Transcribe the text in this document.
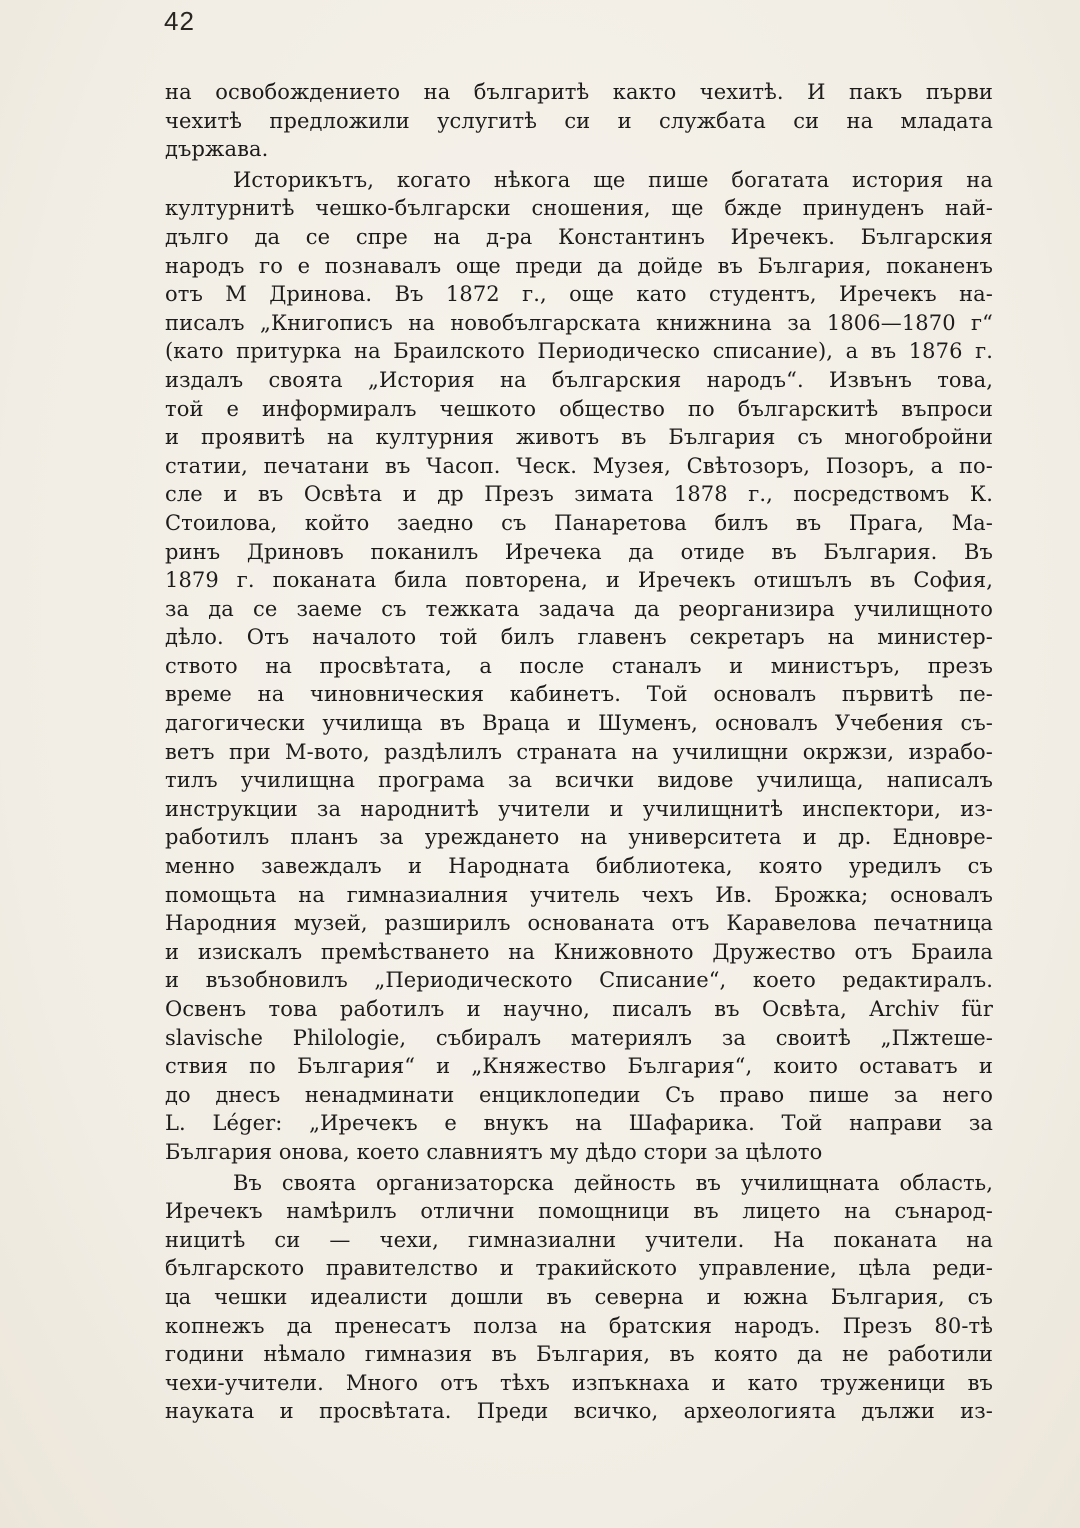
42
на освобождението на българитѣ както чехитѣ. И пакъ първи
чехитѣ предложили услугитѣ си и службата си на младата
държава.
Историкътъ, когато нѣкога ще пише богатата история на
културнитѣ чешко-български сношения, ще бжде принуденъ най-
дълго да се спре на д-ра Константинъ Иречекъ. Българския
народъ го е познавалъ още преди да дойде въ България, поканенъ
отъ М Дринова. Въ 1872 г., още като студентъ, Иречекъ на-
писалъ „Книгописъ на новобългарската книжнина за 1806—1870 г“
(като притурка на Браилското Периодическо списание), а въ 1876 г.
издалъ своята „История на българския народъ“. Извънъ това,
той е информиралъ чешкото общество по българскитѣ въпроси
и проявитѣ на културния животъ въ България съ многобройни
статии, печатани въ Часоп. Ческ. Музея, Свѣтозоръ, Позоръ, а по-
сле и въ Освѣта и др Презъ зимата 1878 г., посредствомъ К.
Стоилова, който заедно съ Панаретова билъ въ Прага, Ма-
ринъ Дриновъ поканилъ Иречека да отиде въ България. Въ
1879 г. поканата била повторена, и Иречекъ отишълъ въ София,
за да се заеме съ тежката задача да реорганизира училищното
дѣло. Отъ началото той билъ главенъ секретаръ на министер-
ството на просвѣтата, а после станалъ и министъръ, презъ
време на чиновническия кабинетъ. Той основалъ първитѣ пе-
дагогически училища въ Враца и Шуменъ, основалъ Учебения съ-
ветъ при М-вото, раздѣлилъ страната на училищни окржзи, изрaбо-
тилъ училищна програма за всички видове училища, написалъ
инструкции за народнитѣ учители и училищнитѣ инспектори, из-
работилъ планъ за уреждането на университета и др. Едновре-
менно завеждалъ и Народната библиотека, която уредилъ съ
помощьта на гимназиалния учитель чехъ Ив. Брожка; основалъ
Народния музей, разширилъ основаната отъ Каравелова печатница
и изискалъ премѣстването на Книжовното Дружество отъ Браила
и възобновилъ „Периодическото Списание“, което редактиралъ.
Освенъ това работилъ и научно, писалъ въ Освѣта, Archiv für
slavische Philologie, събиралъ материялъ за своитѣ „Пжтеше-
ствия по България“ и „Княжество България“, които оставатъ и
до днесъ ненадминати енциклопедии Съ право пише за него
L. Léger: „Иречекъ е внукъ на Шафарика. Той направи за
България онова, което славниятъ му дѣдо стори за цѣлото
Въ своята организаторска дейность въ училищната область,
Иречекъ намѣрилъ отлични помощници въ лицето на сънарод-
ницитѣ си — чехи, гимназиални учители. На поканата на
българското правителство и тракийското управление, цѣла реди-
ца чешки идеалисти дошли въ северна и южна България, съ
копнежъ да пренесатъ полза на братския народъ. Презъ 80-тѣ
години нѣмало гимназия въ България, въ която да не работили
чехи-учители. Много отъ тѣхъ изпъкнаха и като труженици въ
науката и просвѣтата. Преди всичко, археологията дължи из-
